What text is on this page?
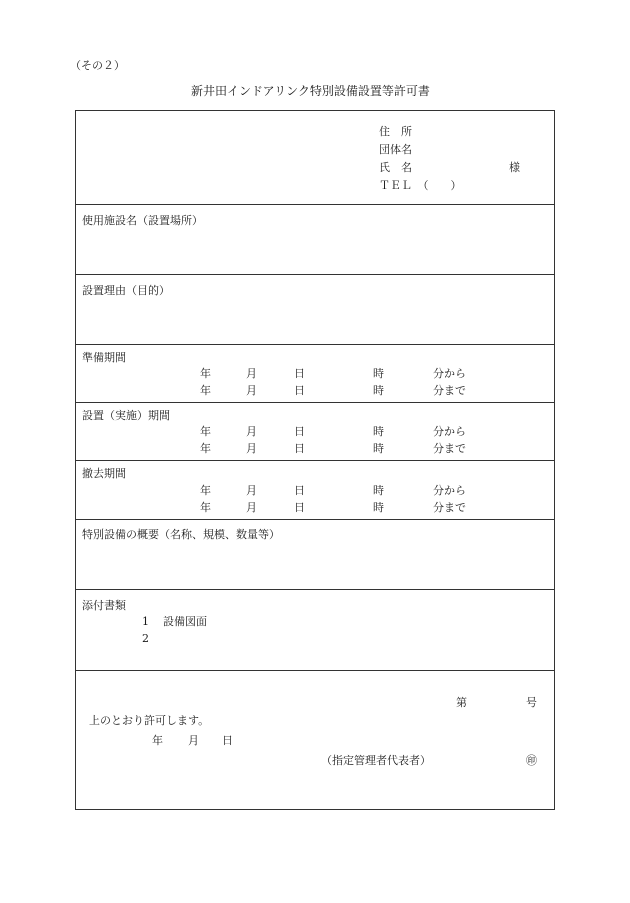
（その２）
新井田インドアリンク特別設備設置等許可書
住　所
団体名
氏　名	様
ＴＥＬ　（　　）
使用施設名（設置場所）
設置理由（目的）
準備期間
年	月	日	時	分から
年	月	日	時	分まで
設置（実施）期間
年	月	日	時	分から
年	月	日	時	分まで
撤去期間
年	月	日	時	分から
年	月	日	時	分まで
特別設備の概要（名称、規模、数量等）
添付書類
1 設備図面
2
第	号
上のとおり許可します。
年 月 日
（指定管理者代表者）	㊞
